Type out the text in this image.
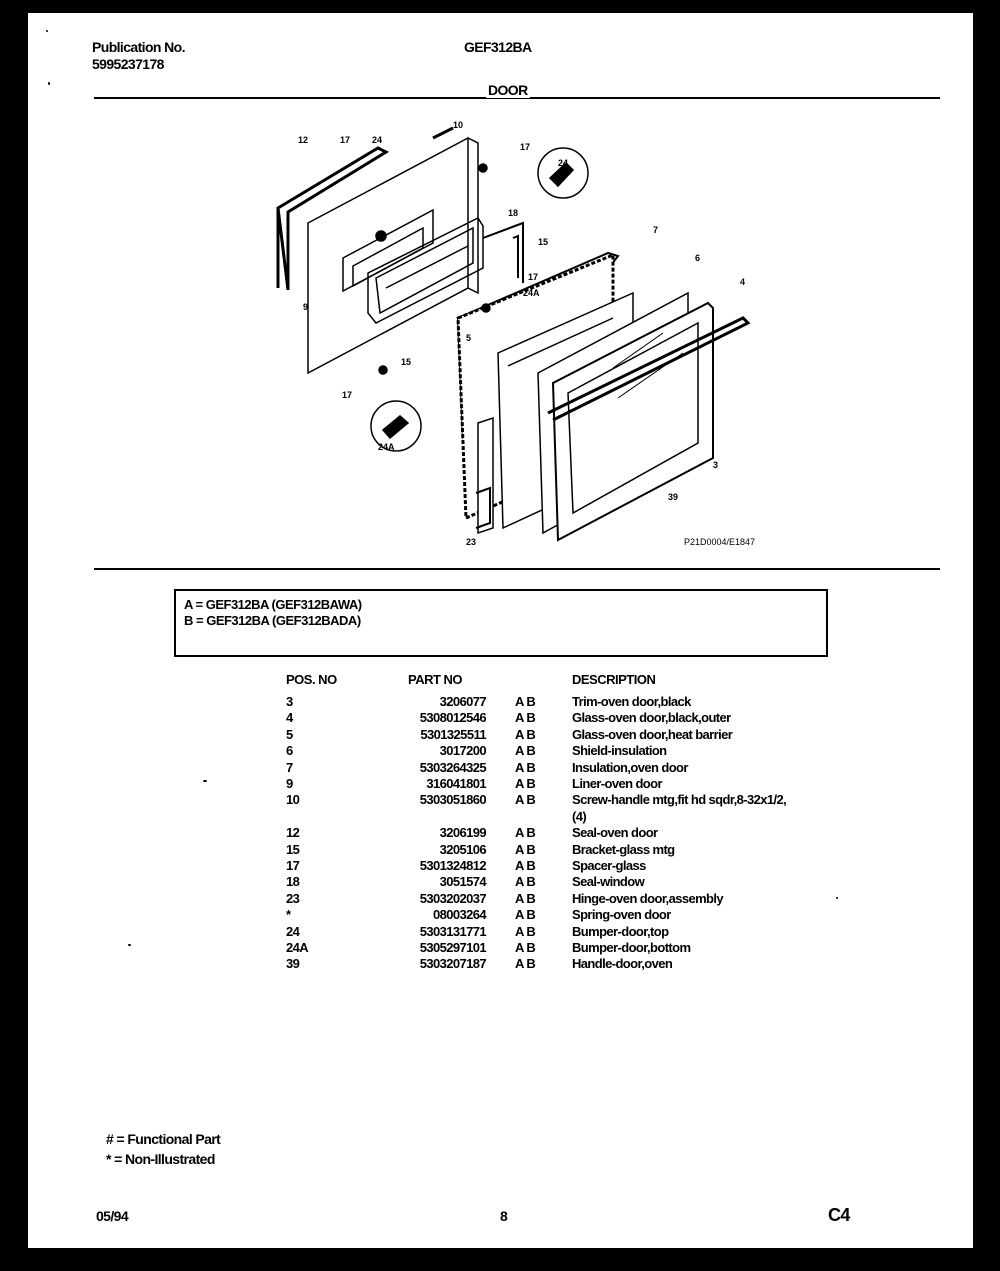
Publication No.
5995237178
GEF312BA
DOOR
12	17 24
10
17
24
18
15
17
24A
7
6
4
9
5
15
17
24A
23
39
3
P21D0004/E1847
A = GEF312BA (GEF312BAWA)
B = GEF312BA (GEF312BADA)
POS. NO	PART NO	DESCRIPTION
3	3206077 A B	Trim-oven door,black
4	5308012546 A B	Glass-oven door,black,outer
5	5301325511 A B	Glass-oven door,heat barrier
6	3017200 A B	Shield-insulation
7	5303264325 A B	Insulation,oven door
9	316041801 A B	Liner-oven door
10	5303051860 A B	Screw-handle mtg,fit hd sqdr,8-32x1/2,
(4)
12	3206199 A B	Seal-oven door
15	3205106 A B	Bracket-glass mtg
17	5301324812 A B	Spacer-glass
18	3051574 A B	Seal-window
23	5303202037 A B	Hinge-oven door,assembly
*	08003264 A B	Spring-oven door
24	5303131771 A B	Bumper-door,top
24A	5305297101 A B	Bumper-door,bottom
39	5303207187 A B	Handle-door,oven
# = Functional Part
* = Non-Illustrated
05/94	8	C4
